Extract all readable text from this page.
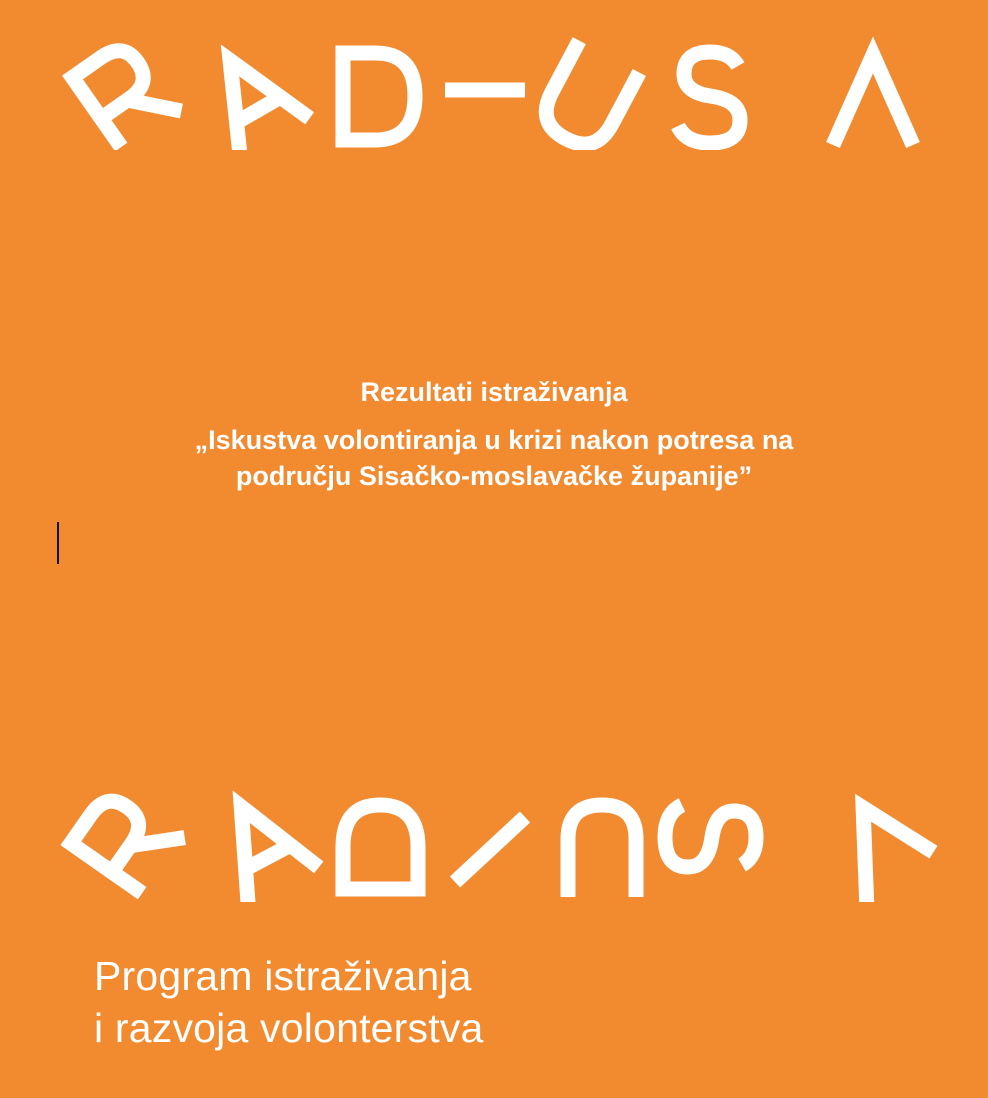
Rezultati istraživanja

„Iskustva volontiranja u krizi nakon potresa na

području Sisačko-moslavačke županije”

Program istraživanja
i razvoja volonterstva
